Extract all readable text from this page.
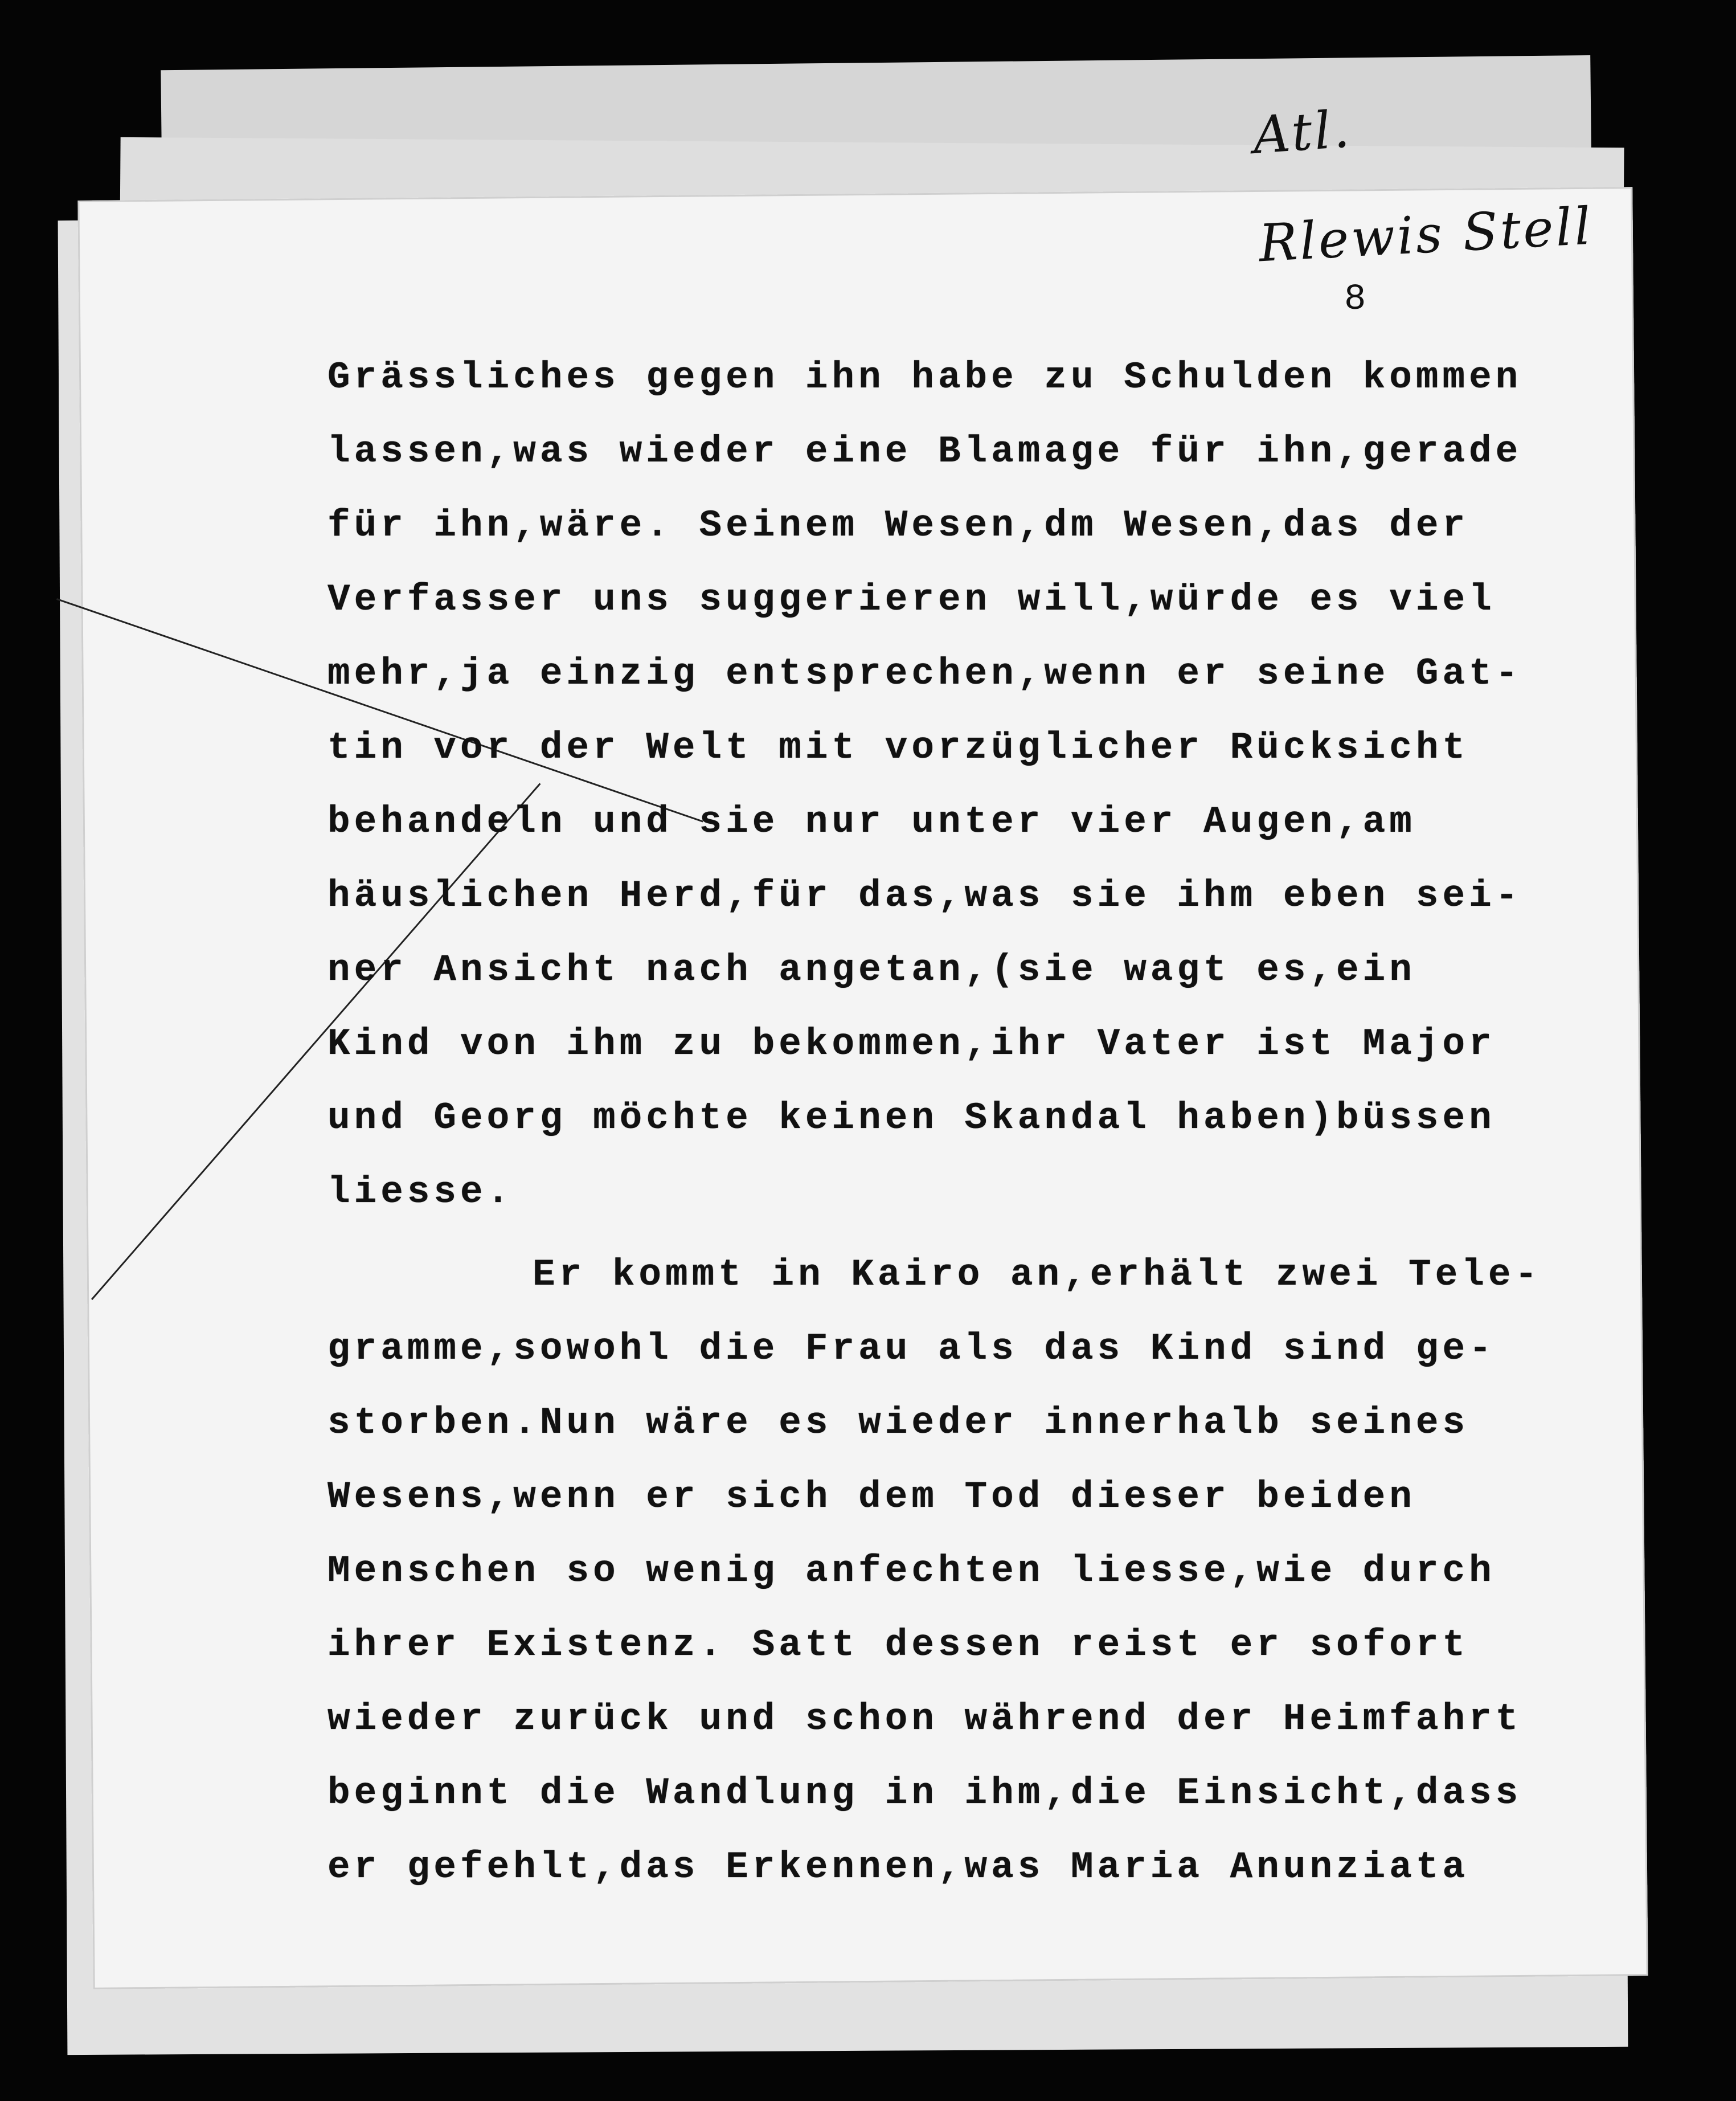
Atl.
Rlewis Stell
8
Grässliches gegen ihn habe zu Schulden kommen
lassen,was wieder eine Blamage für ihn,gerade
für ihn,wäre. Seinem Wesen,dm Wesen,das der
Verfasser uns suggerieren will,würde es viel
mehr,ja einzig entsprechen,wenn er seine Gat-
tin vor der Welt mit vorzüglicher Rücksicht
behandeln und sie nur unter vier Augen,am
häuslichen Herd,für das,was sie ihm eben sei-
ner Ansicht nach angetan,(sie wagt es,ein
Kind von ihm zu bekommen,ihr Vater ist Major
und Georg möchte keinen Skandal haben)büssen
liesse.
Er kommt in Kairo an,erhält zwei Tele-
gramme,sowohl die Frau als das Kind sind ge-
storben.Nun wäre es wieder innerhalb seines
Wesens,wenn er sich dem Tod dieser beiden
Menschen so wenig anfechten liesse,wie durch
ihrer Existenz. Satt dessen reist er sofort
wieder zurück und schon während der Heimfahrt
beginnt die Wandlung in ihm,die Einsicht,dass
er gefehlt,das Erkennen,was Maria Anunziata
